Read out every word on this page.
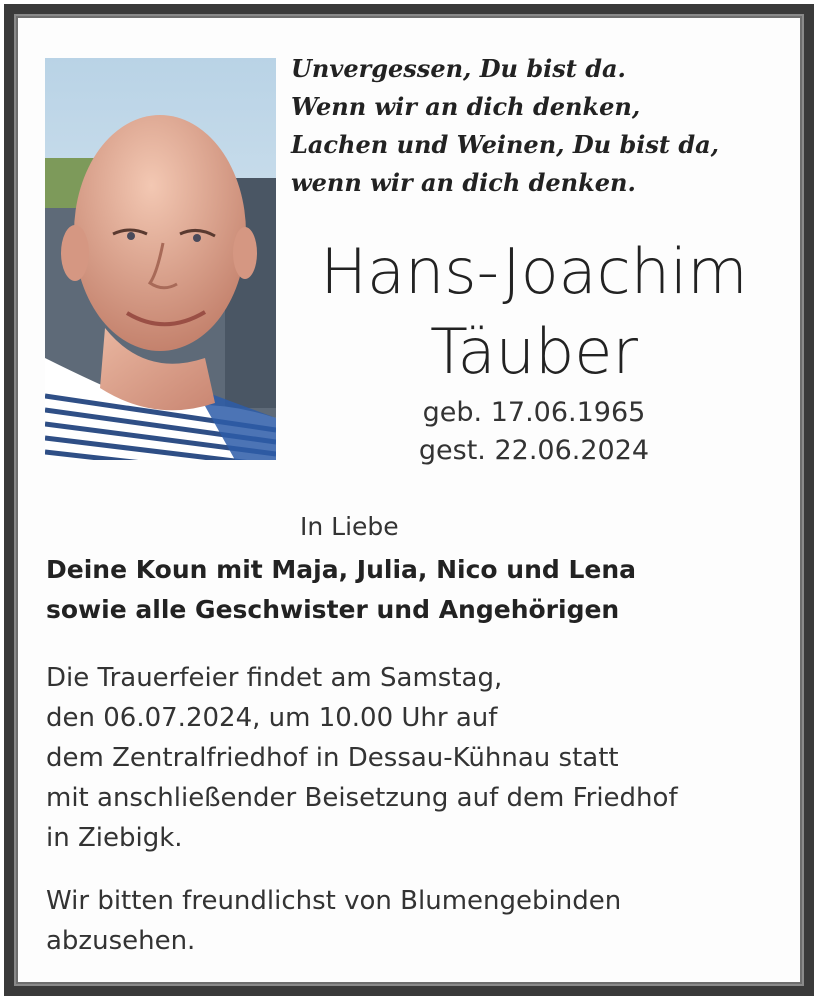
Unvergessen, Du bist da.
Wenn wir an dich denken,
Lachen und Weinen, Du bist da,
wenn wir an dich denken.
Hans-Joachim
Täuber
geb. 17.06.1965
gest. 22.06.2024
In Liebe
Deine Koun mit Maja, Julia, Nico und Lena
sowie alle Geschwister und Angehörigen
Die Trauerfeier findet am Samstag,
den 06.07.2024, um 10.00 Uhr auf
dem Zentralfriedhof in Dessau-Kühnau statt
mit anschließender Beisetzung auf dem Friedhof
in Ziebigk.
Wir bitten freundlichst von Blumengebinden
abzusehen.
